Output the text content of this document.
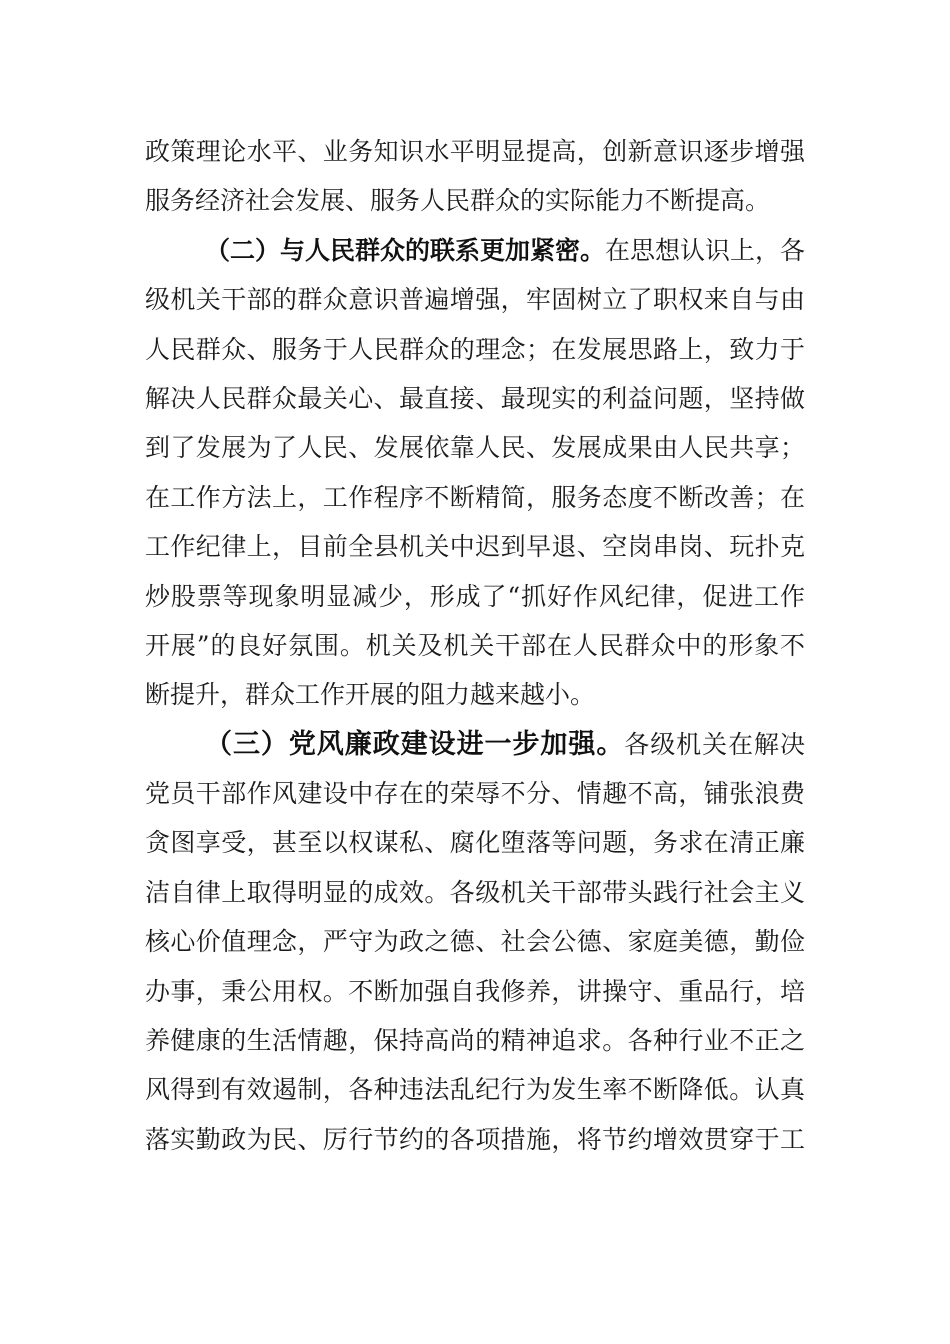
政策理论水平、业务知识水平明显提高，创新意识逐步增强
服务经济社会发展、服务人民群众的实际能力不断提高。
（二）与人民群众的联系更加紧密。在思想认识上，各
级机关干部的群众意识普遍增强，牢固树立了职权来自与由
人民群众、服务于人民群众的理念；在发展思路上，致力于
解决人民群众最关心、最直接、最现实的利益问题，坚持做
到了发展为了人民、发展依靠人民、发展成果由人民共享；
在工作方法上，工作程序不断精简，服务态度不断改善；在
工作纪律上，目前全县机关中迟到早退、空岗串岗、玩扑克
炒股票等现象明显减少，形成了“抓好作风纪律，促进工作
开展”的良好氛围。机关及机关干部在人民群众中的形象不
断提升，群众工作开展的阻力越来越小。
（三）党风廉政建设进一步加强。各级机关在解决
党员干部作风建设中存在的荣辱不分、情趣不高，铺张浪费
贪图享受，甚至以权谋私、腐化堕落等问题，务求在清正廉
洁自律上取得明显的成效。各级机关干部带头践行社会主义
核心价值理念，严守为政之德、社会公德、家庭美德，勤俭
办事，秉公用权。不断加强自我修养，讲操守、重品行，培
养健康的生活情趣，保持高尚的精神追求。各种行业不正之
风得到有效遏制，各种违法乱纪行为发生率不断降低。认真
落实勤政为民、厉行节约的各项措施，将节约增效贯穿于工
